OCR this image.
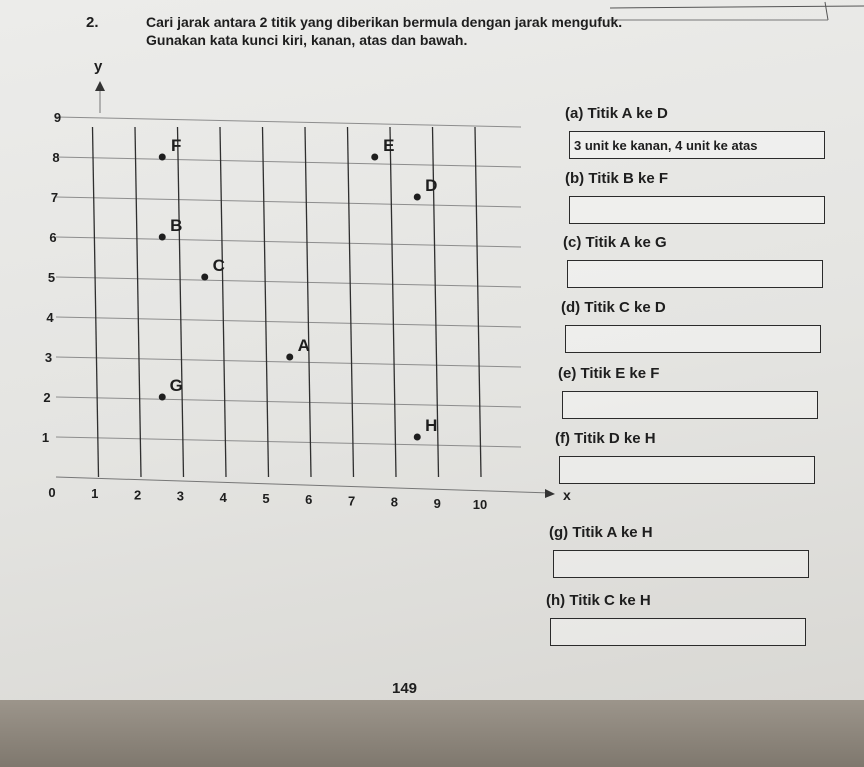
2.	Cari jarak antara 2 titik yang diberikan bermula dengan jarak mengufuk.
Gunakan kata kunci kiri, kanan, atas dan bawah.
x
y
0	1	2	3	4	5	6	7	8	9 10
1
2
3
4
5
6
7
8
9
A
B
C
D
E
F
G
H
(a) Titik A ke D
3 unit ke kanan, 4 unit ke atas
(b) Titik B ke F
(c) Titik A ke G
(d) Titik C ke D
(e) Titik E ke F
(f) Titik D ke H
(g) Titik A ke H
(h) Titik C ke H
149
